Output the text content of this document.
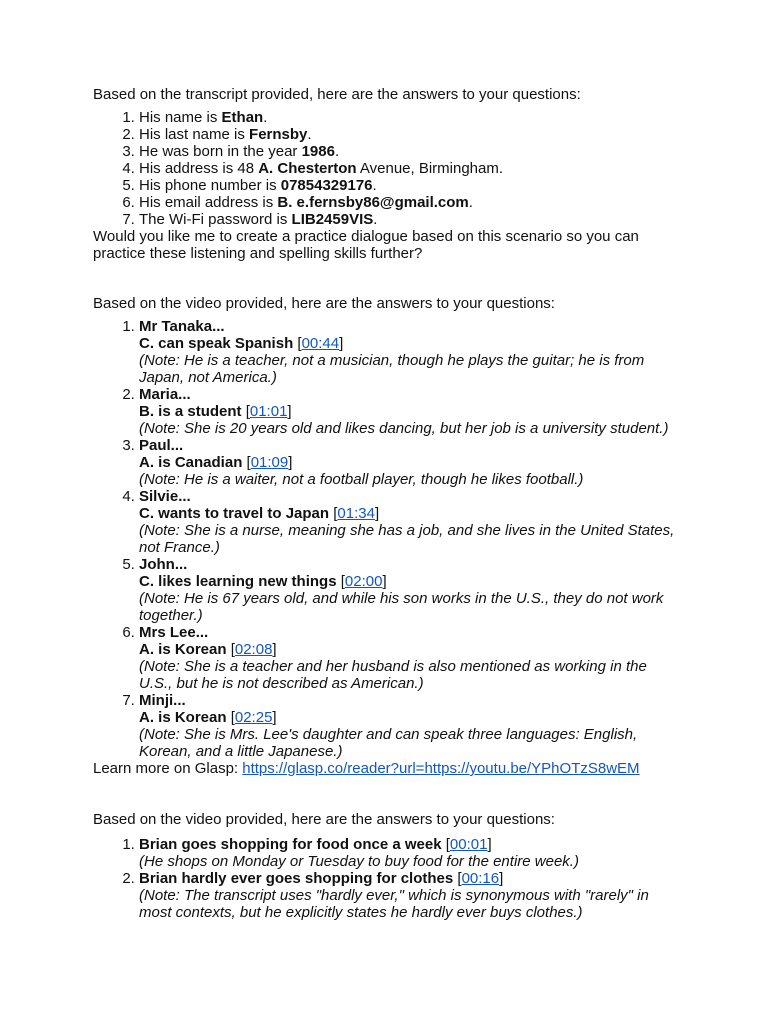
Based on the transcript provided, here are the answers to your questions:

1. His name is Ethan.
2. His last name is Fernsby.
3. He was born in the year 1986.
4. His address is 48 A. Chesterton Avenue, Birmingham.
5. His phone number is 07854329176.
6. His email address is B. e.fernsby86@gmail.com.
7. The Wi-Fi password is LIB2459VIS.

Would you like me to create a practice dialogue based on this scenario so you can practice these listening and spelling skills further?

Based on the video provided, here are the answers to your questions:

1. Mr Tanaka...
C. can speak Spanish [00:44]
(Note: He is a teacher, not a musician, though he plays the guitar; he is from Japan, not America.)
2. Maria...
B. is a student [01:01]
(Note: She is 20 years old and likes dancing, but her job is a university student.)
3. Paul...
A. is Canadian [01:09]
(Note: He is a waiter, not a football player, though he likes football.)
4. Silvie...
C. wants to travel to Japan [01:34]
(Note: She is a nurse, meaning she has a job, and she lives in the United States, not France.)
5. John...
C. likes learning new things [02:00]
(Note: He is 67 years old, and while his son works in the U.S., they do not work together.)
6. Mrs Lee...
A. is Korean [02:08]
(Note: She is a teacher and her husband is also mentioned as working in the U.S., but he is not described as American.)
7. Minji...
A. is Korean [02:25]
(Note: She is Mrs. Lee's daughter and can speak three languages: English, Korean, and a little Japanese.)

Learn more on Glasp: https://glasp.co/reader?url=https://youtu.be/YPhOTzS8wEM

Based on the video provided, here are the answers to your questions:

1. Brian goes shopping for food once a week [00:01]
(He shops on Monday or Tuesday to buy food for the entire week.)
2. Brian hardly ever goes shopping for clothes [00:16]
(Note: The transcript uses "hardly ever," which is synonymous with "rarely" in most contexts, but he explicitly states he hardly ever buys clothes.)
